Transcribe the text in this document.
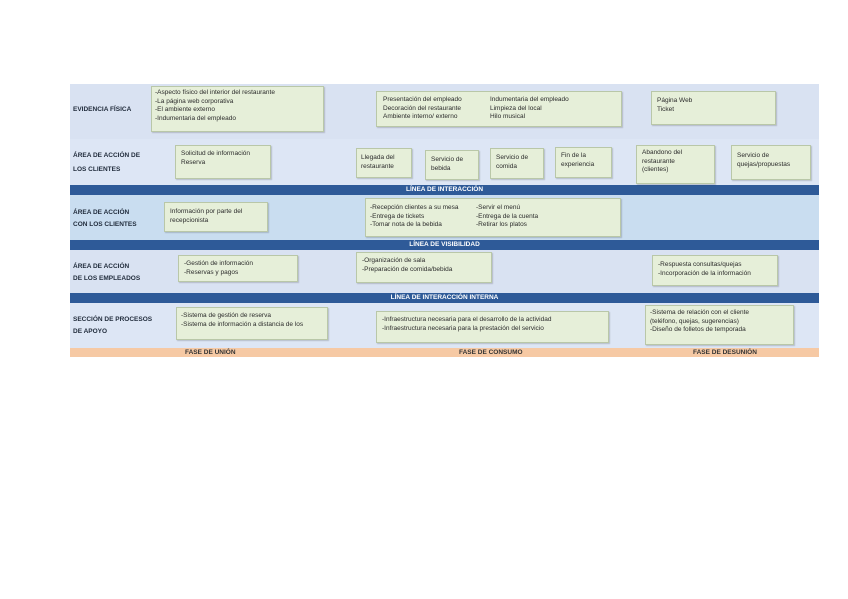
LÍNEA DE INTERACCIÓN
LÍNEA DE VISIBILIDAD
LÍNEA DE INTERACCIÓN INTERNA
FASE DE UNIÓN	FASE DE CONSUMO	FASE DE DESUNIÓN
EVIDENCIA FÍSICA
ÁREA DE ACCIÓN DE
LOS CLIENTES
ÁREA DE ACCIÓN
CON LOS CLIENTES
ÁREA DE ACCIÓN
DE LOS EMPLEADOS
SECCIÓN DE PROCESOS
DE APOYO
-Aspecto físico del interior del restaurante
-La página web corporativa
-El ambiente externo
-Indumentaria del empleado
Presentación del empleado
Decoración del restaurante
Ambiente interno/ externo
Indumentaria del empleado
Limpieza del local
Hilo musical
Página Web
Ticket
Solicitud de información
Reserva
Llegada del
restaurante
Servicio de
bebida
Servicio de
comida
Fin de la
experiencia
Abandono del
restaurante
(clientes)
Servicio de
quejas/propuestas
Información por parte del
recepcionista
-Recepción clientes a su mesa
-Entrega de tickets
-Tomar nota de la bebida
-Servir el menú
-Entrega de la cuenta
-Retirar los platos
-Gestión de información
-Reservas y pagos
-Organización de sala
-Preparación de comida/bebida
-Respuesta consultas/quejas
-Incorporación de la información
-Sistema de gestión de reserva
-Sistema de información a distancia de los
-Infraestructura necesaria para el desarrollo de la actividad
-Infraestructura necesaria para la prestación del servicio
-Sistema de relación con el cliente
(teléfono, quejas, sugerencias)
-Diseño de folletos de temporada
